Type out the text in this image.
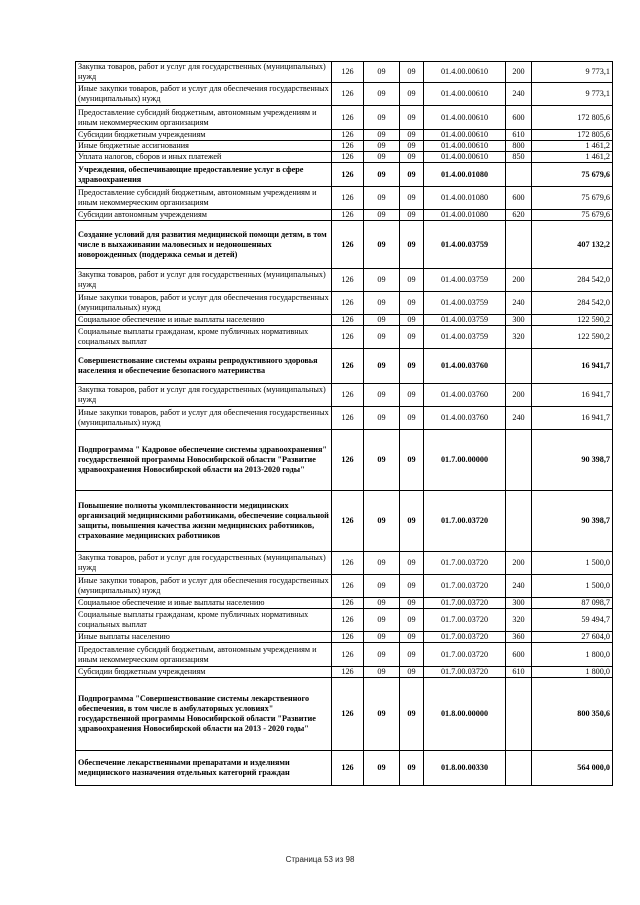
Закупка товаров, работ и услуг для государственных (муниципальных) нужд	126	09	09	01.4.00.00610	200	9 773,1
Иные закупки товаров, работ и услуг для обеспечения государственных (муниципальных) нужд	126	09	09	01.4.00.00610	240	9 773,1
Предоставление субсидий бюджетным, автономным учреждениям и иным некоммерческим организациям	126	09	09	01.4.00.00610	600	172 805,6
Субсидии бюджетным учреждениям	126	09	09	01.4.00.00610	610	172 805,6
Иные бюджетные ассигнования	126	09	09	01.4.00.00610	800	1 461,2
Уплата налогов, сборов и иных платежей	126	09	09	01.4.00.00610	850	1 461,2
Учреждения, обеспечивающие предоставление услуг в сфере здравоохранения	126	09	09	01.4.00.01080		75 679,6
Предоставление субсидий бюджетным, автономным учреждениям и иным некоммерческим организациям	126	09	09	01.4.00.01080	600	75 679,6
Субсидии автономным учреждениям	126	09	09	01.4.00.01080	620	75 679,6
Создание условий для развития медицинской помощи детям, в том числе в выхаживании маловесных и недоношенных новорожденных (поддержка семьи и детей)	126	09	09	01.4.00.03759		407 132,2
Закупка товаров, работ и услуг для государственных (муниципальных) нужд	126	09	09	01.4.00.03759	200	284 542,0
Иные закупки товаров, работ и услуг для обеспечения государственных (муниципальных) нужд	126	09	09	01.4.00.03759	240	284 542,0
Социальное обеспечение и иные выплаты населению	126	09	09	01.4.00.03759	300	122 590,2
Социальные выплаты гражданам, кроме публичных нормативных социальных выплат	126	09	09	01.4.00.03759	320	122 590,2
Совершенствование системы охраны репродуктивного здоровья населения и обеспечение безопасного материнства	126	09	09	01.4.00.03760		16 941,7
Закупка товаров, работ и услуг для государственных (муниципальных) нужд	126	09	09	01.4.00.03760	200	16 941,7
Иные закупки товаров, работ и услуг для обеспечения государственных (муниципальных) нужд	126	09	09	01.4.00.03760	240	16 941,7
Подпрограмма " Кадровое обеспечение системы здравоохранения" государственной программы Новосибирской области "Развитие здравоохранения Новосибирской области на 2013-2020 годы"	126	09	09	01.7.00.00000		90 398,7
Повышение полноты укомплектованности медицинских организаций медицинскими работниками, обеспечение социальной защиты, повышения качества жизни медицинских работников, страхование медицинских работников	126	09	09	01.7.00.03720		90 398,7
Закупка товаров, работ и услуг для государственных (муниципальных) нужд	126	09	09	01.7.00.03720	200	1 500,0
Иные закупки товаров, работ и услуг для обеспечения государственных (муниципальных) нужд	126	09	09	01.7.00.03720	240	1 500,0
Социальное обеспечение и иные выплаты населению	126	09	09	01.7.00.03720	300	87 098,7
Социальные выплаты гражданам, кроме публичных нормативных социальных выплат	126	09	09	01.7.00.03720	320	59 494,7
Иные выплаты населению	126	09	09	01.7.00.03720	360	27 604,0
Предоставление субсидий бюджетным, автономным учреждениям и иным некоммерческим организациям	126	09	09	01.7.00.03720	600	1 800,0
Субсидии бюджетным учреждениям	126	09	09	01.7.00.03720	610	1 800,0
Подпрограмма "Совершенствование системы лекарственного обеспечения, в том числе в амбулаторных условиях" государственной программы Новосибирской области "Развитие здравоохранения Новосибирской области на 2013 - 2020 годы"	126	09	09	01.8.00.00000		800 350,6
Обеспечение лекарственными препаратами и изделиями медицинского назначения отдельных категорий граждан	126	09	09	01.8.00.00330		564 000,0
Страница 53 из 98
